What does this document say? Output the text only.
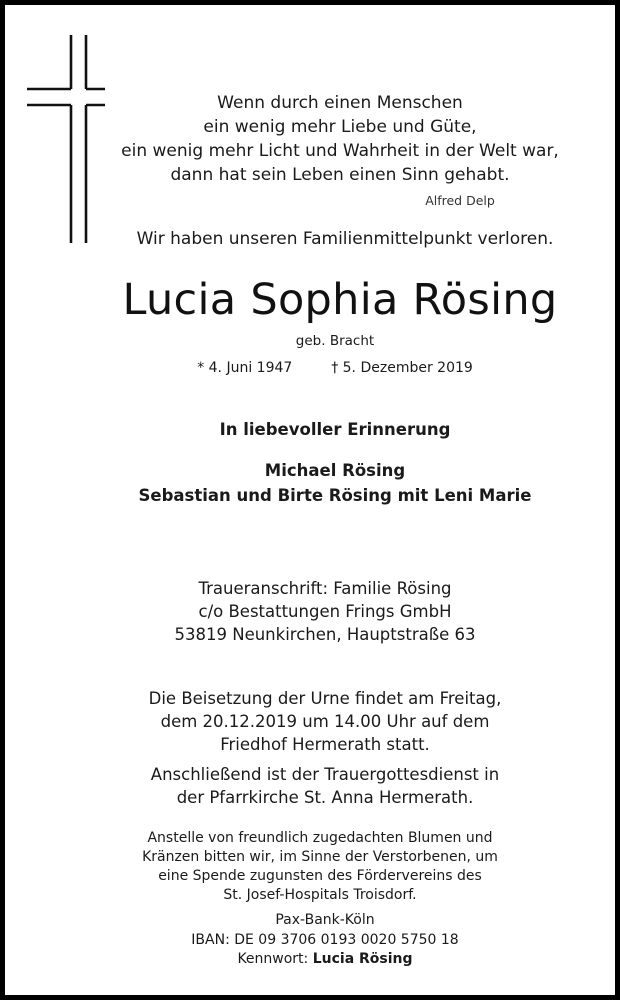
Wenn durch einen Menschen
ein wenig mehr Liebe und Güte,
ein wenig mehr Licht und Wahrheit in der Welt war,
dann hat sein Leben einen Sinn gehabt.
Alfred Delp
Wir haben unseren Familienmittelpunkt verloren.
Lucia Sophia Rösing
geb. Bracht
* 4. Juni 1947	† 5. Dezember 2019
In liebevoller Erinnerung
Michael Rösing
Sebastian und Birte Rösing mit Leni Marie
Traueranschrift: Familie Rösing
c/o Bestattungen Frings GmbH
53819 Neunkirchen, Hauptstraße 63
Die Beisetzung der Urne findet am Freitag,
dem 20.12.2019 um 14.00 Uhr auf dem
Friedhof Hermerath statt.
Anschließend ist der Trauergottesdienst in
der Pfarrkirche St. Anna Hermerath.
Anstelle von freundlich zugedachten Blumen und
Kränzen bitten wir, im Sinne der Verstorbenen, um
eine Spende zugunsten des Fördervereins des
St. Josef-Hospitals Troisdorf.
Pax-Bank-Köln
IBAN: DE 09 3706 0193 0020 5750 18
Kennwort: Lucia Rösing
